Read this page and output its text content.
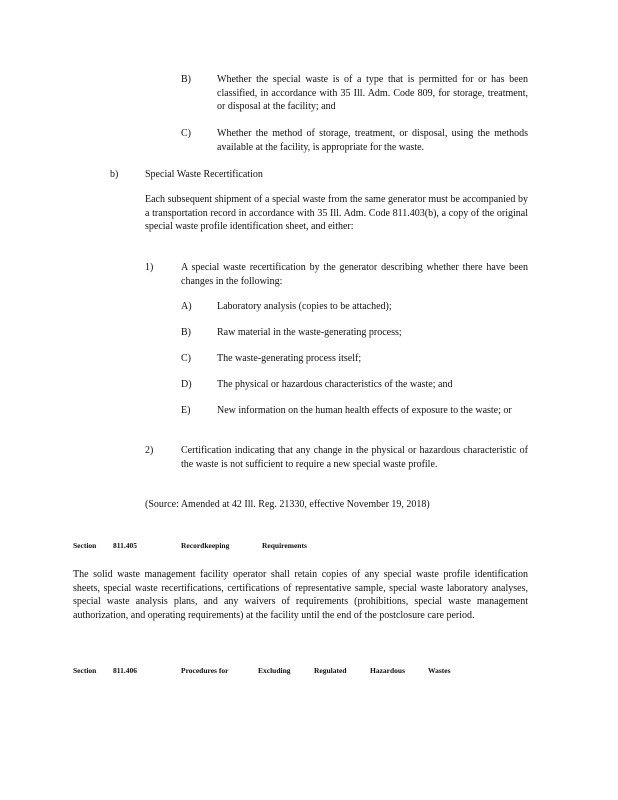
B)	Whether the special waste is of a type that is permitted for or has been classified, in accordance with 35 Ill. Adm. Code 809, for storage, treatment, or disposal at the facility; and
C)	Whether the method of storage, treatment, or disposal, using the methods available at the facility, is appropriate for the waste.
b)	Special Waste Recertification
Each subsequent shipment of a special waste from the same generator must be accompanied by a transportation record in accordance with 35 Ill. Adm. Code 811.403(b), a copy of the original special waste profile identification sheet, and either:
1)	A special waste recertification by the generator describing whether there have been changes in the following:
A)	Laboratory analysis (copies to be attached);
B)	Raw material in the waste-generating process;
C)	The waste-generating process itself;
D)	The physical or hazardous characteristics of the waste; and
E)	New information on the human health effects of exposure to the waste; or
2)	Certification indicating that any change in the physical or hazardous characteristic of the waste is not sufficient to require a new special waste profile.
(Source: Amended at 42 Ill. Reg. 21330, effective November 19, 2018)
Section 811.405	Recordkeeping	Requirements
The solid waste management facility operator shall retain copies of any special waste profile identification sheets, special waste recertifications, certifications of representative sample, special waste laboratory analyses, special waste analysis plans, and any waivers of requirements (prohibitions, special waste management authorization, and operating requirements) at the facility until the end of the postclosure care period.
Section 811.406	Procedures for	Excluding	Regulated	Hazardous	Wastes
